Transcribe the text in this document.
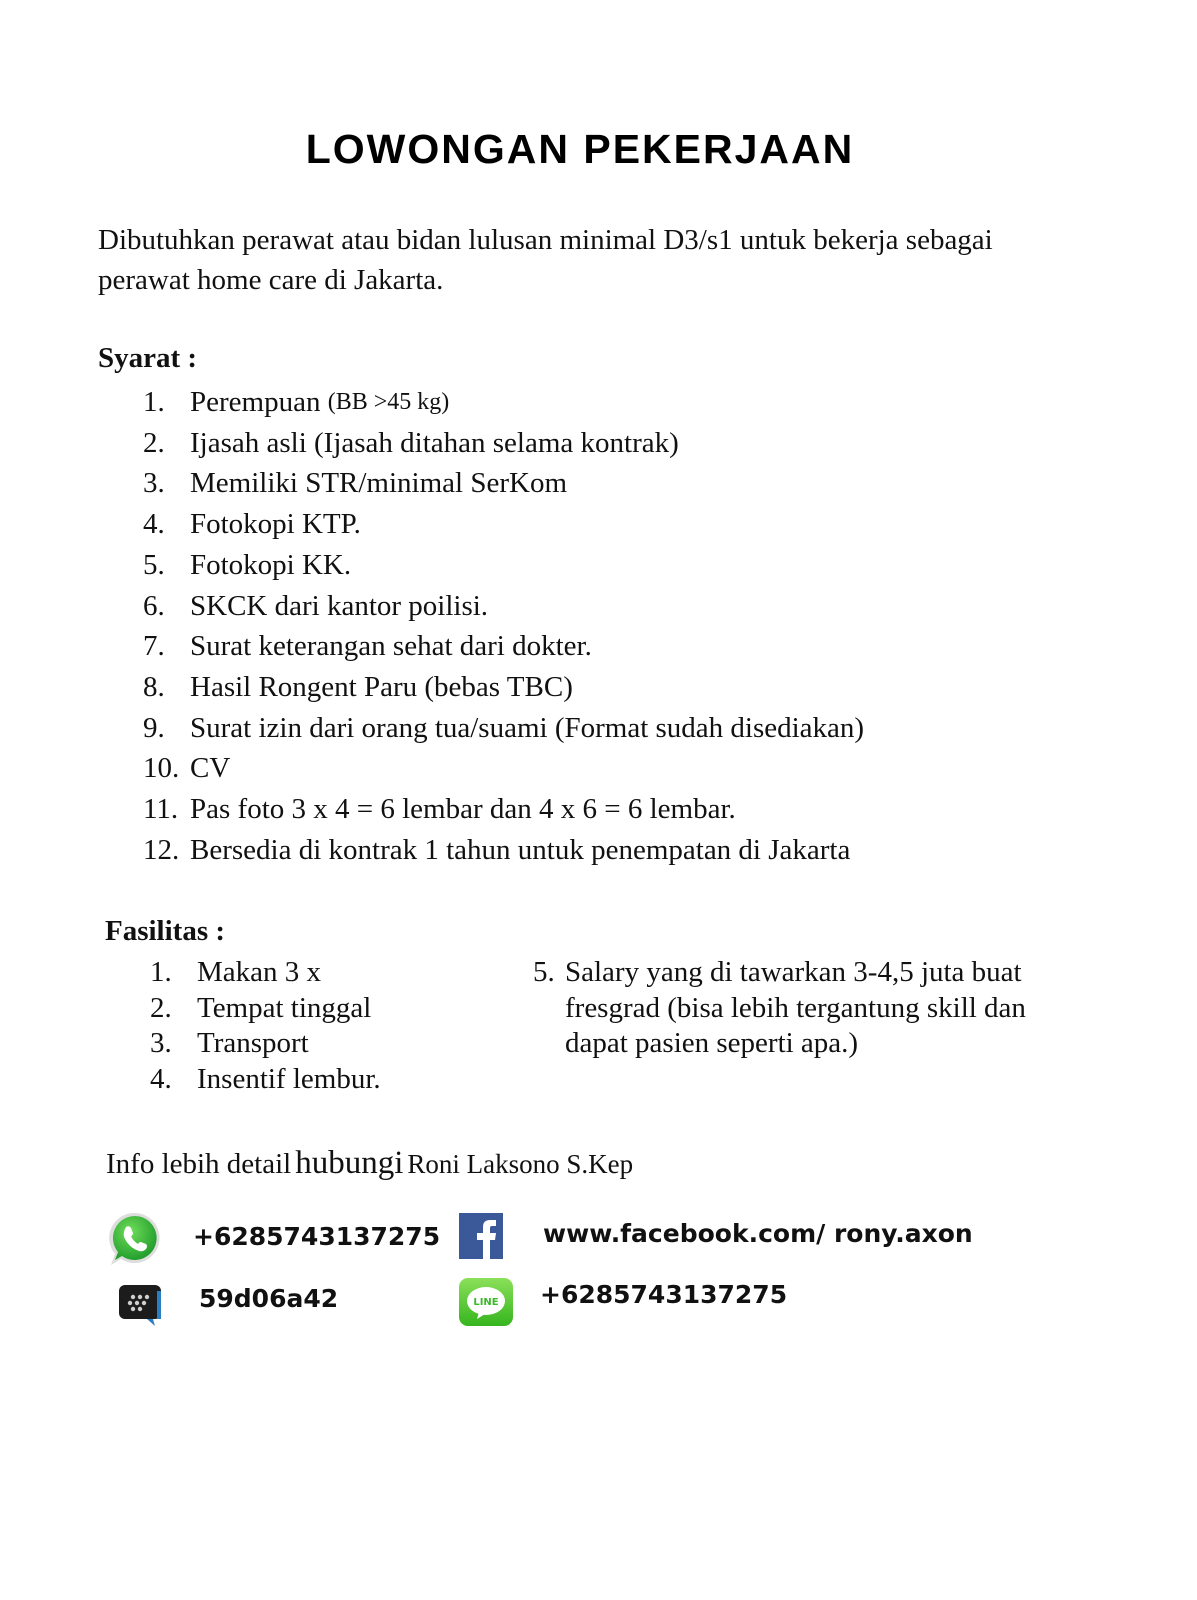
LOWONGAN PEKERJAAN
Dibutuhkan perawat atau bidan lulusan minimal D3/s1 untuk bekerja sebagai perawat home care di Jakarta.
Syarat :
1. Perempuan
(BB >45 kg)
2. Ijasah asli (Ijasah ditahan selama kontrak)
3. Memiliki STR/minimal SerKom
4. Fotokopi KTP.
5. Fotokopi KK.
6. SKCK dari kantor poilisi.
7. Surat keterangan sehat dari dokter.
8. Hasil Rongent Paru (bebas TBC)
9. Surat izin dari orang tua/suami (Format sudah disediakan)
10. CV
11. Pas foto 3 x 4 = 6 lembar dan 4 x 6 = 6 lembar.
12. Bersedia di kontrak 1 tahun untuk penempatan di Jakarta
Fasilitas :
1. Makan 3 x
2. Tempat tinggal
3. Transport
4. Insentif lembur.
5. Salary yang di tawarkan 3-4,5 juta buat fresgrad (bisa lebih tergantung skill dan dapat pasien seperti apa.)
Info lebih detail hubungi Roni Laksono S.Kep
+6285743137275	www.facebook.com/ rony.axon
59d06a42	LINE +6285743137275
